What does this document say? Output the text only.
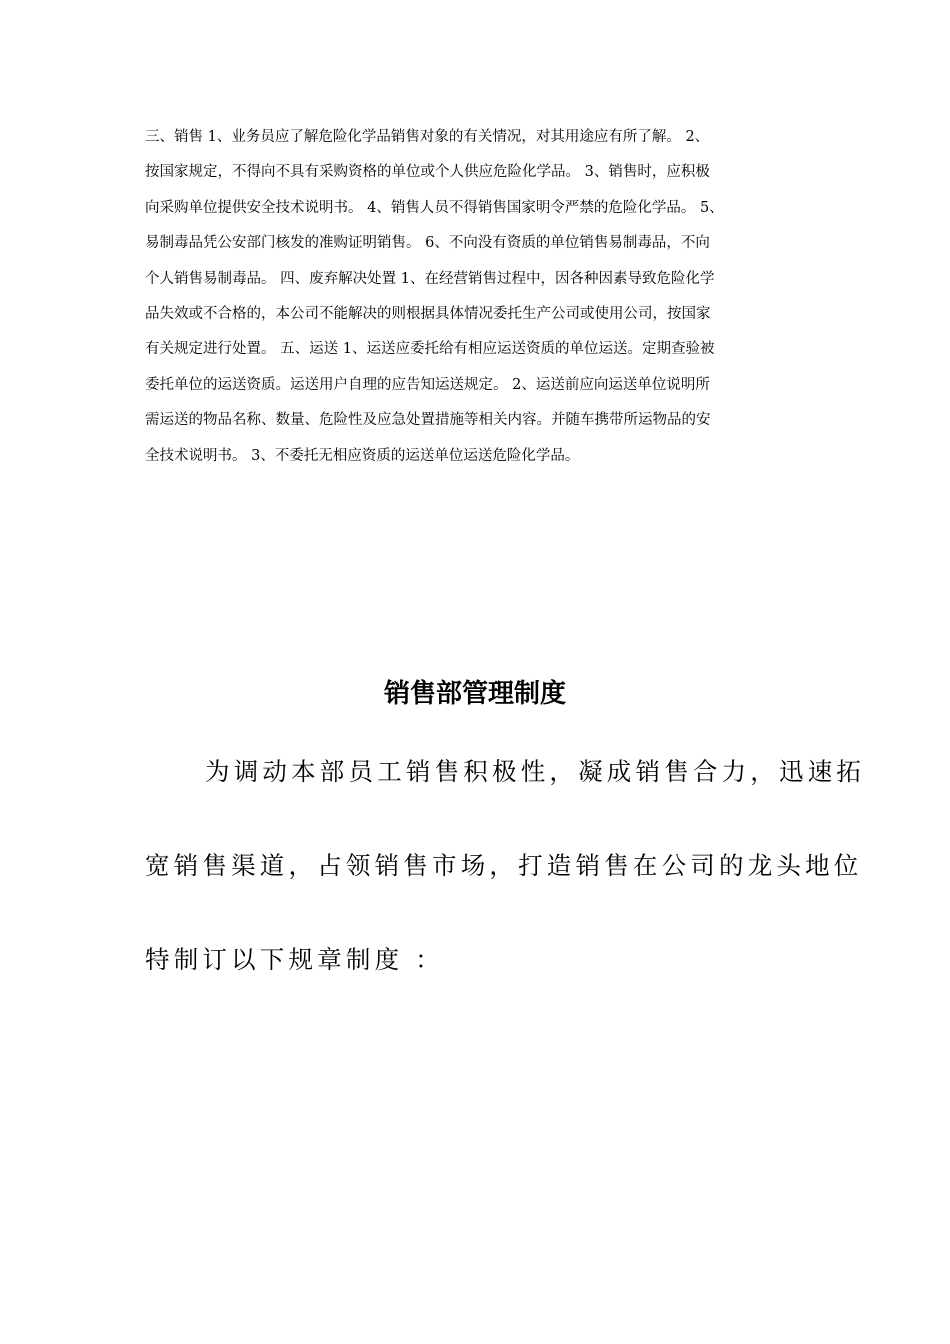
三、销售 1、业务员应了解危险化学品销售对象的有关情况，对其用途应有所了解。 2、
按国家规定，不得向不具有采购资格的单位或个人供应危险化学品。 3、销售时，应积极
向采购单位提供安全技术说明书。 4、销售人员不得销售国家明令严禁的危险化学品。 5、
易制毒品凭公安部门核发的准购证明销售。 6、不向没有资质的单位销售易制毒品，不向
个人销售易制毒品。 四、废弃解决处置 1、在经营销售过程中，因各种因素导致危险化学
品失效或不合格的，本公司不能解决的则根据具体情况委托生产公司或使用公司，按国家
有关规定进行处置。 五、运送 1、运送应委托给有相应运送资质的单位运送。定期查验被
委托单位的运送资质。运送用户自理的应告知运送规定。 2、运送前应向运送单位说明所
需运送的物品名称、数量、危险性及应急处置措施等相关内容。并随车携带所运物品的安
全技术说明书。 3、不委托无相应资质的运送单位运送危险化学品。
销售部管理制度
为调动本部员工销售积极性，凝成销售合力，迅速拓
宽销售渠道，占领销售市场，打造销售在公司的龙头地位
特制订以下规章制度 ：
